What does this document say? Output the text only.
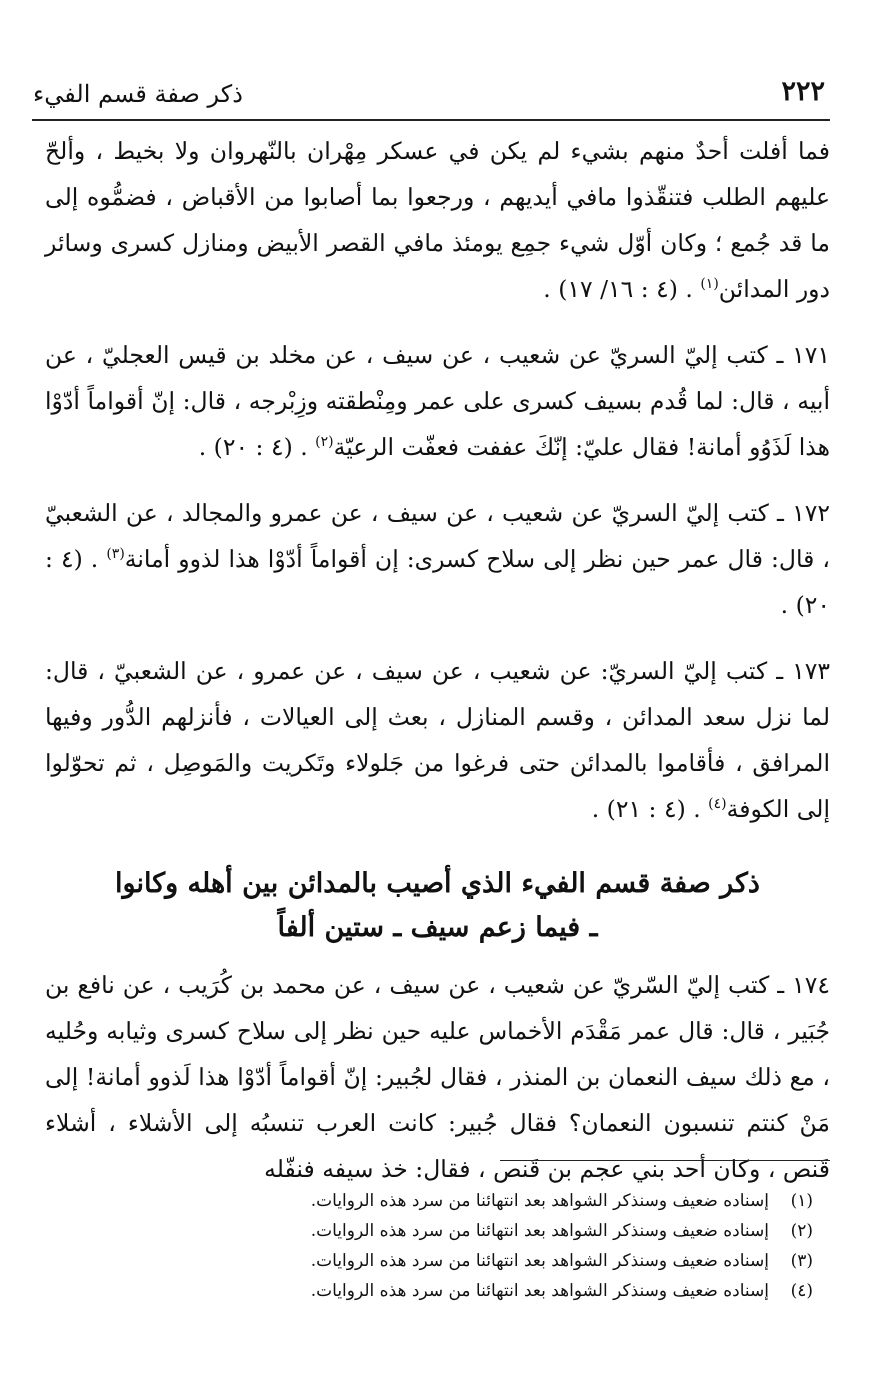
٢٢٢
ذكر صفة قسم الفيء

فما أفلت أحدٌ منهم بشيء لم يكن في عسكر مِهْران بالنّهروان ولا بخيط ، وألحّ عليهم الطلب فتنقّذوا مافي أيديهم ، ورجعوا بما أصابوا من الأقباض ، فضمُّوه إلى ما قد جُمع ؛ وكان أوّل شيء جمِع يومئذ مافي القصر الأبيض ومنازل كسرى وسائر دور المدائن$^{(١)}$ . (٤ : ١٦/ ١٧) .

١٧١ ـ كتب إليّ السريّ عن شعيب ، عن سيف ، عن مخلد بن قيس العجليّ ، عن أبيه ، قال: لما قُدم بسيف كسرى على عمر ومِنْطقته وزِبْرجه ، قال: إنّ أقواماً أدّوْا هذا لَذَوُو أمانة! فقال عليّ: إنّكَ عففت فعفّت الرعيّة$^{(٢)}$ . (٤ : ٢٠) .

١٧٢ ـ كتب إليّ السريّ عن شعيب ، عن سيف ، عن عمرو والمجالد ، عن الشعبيّ ، قال: قال عمر حين نظر إلى سلاح كسرى: إن أقواماً أدّوْا هذا لذوو أمانة$^{(٣)}$ . (٤ : ٢٠) .

١٧٣ ـ كتب إليّ السريّ: عن شعيب ، عن سيف ، عن عمرو ، عن الشعبيّ ، قال: لما نزل سعد المدائن ، وقسم المنازل ، بعث إلى العيالات ، فأنزلهم الدُّور وفيها المرافق ، فأقاموا بالمدائن حتى فرغوا من جَلولاء وتَكريت والمَوصِل ، ثم تحوّلوا إلى الكوفة$^{(٤)}$ . (٤ : ٢١) .

ذكر صفة قسم الفيء الذي أصيب بالمدائن بين أهله وكانوا
ـ فيما زعم سيف ـ ستين ألفاً

١٧٤ ـ كتب إليّ السّريّ عن شعيب ، عن سيف ، عن محمد بن كُرَيب ، عن نافع بن جُبَير ، قال: قال عمر مَقْدَم الأخماس عليه حين نظر إلى سلاح كسرى وثيابه وحُليه ، مع ذلك سيف النعمان بن المنذر ، فقال لجُبير: إنّ أقواماً أدّوْا هذا لَذوو أمانة! إلى مَنْ كنتم تنسبون النعمان؟ فقال جُبير: كانت العرب تنسبُه إلى الأشلاء ، أشلاء قَنص ، وكان أحد بني عجم بن قَنص ، فقال: خذ سيفه فنفّله

(١)
إسناده ضعيف وسنذكر الشواهد بعد انتهائنا من سرد هذه الروايات.
(٢)
إسناده ضعيف وسنذكر الشواهد بعد انتهائنا من سرد هذه الروايات.
(٣)
إسناده ضعيف وسنذكر الشواهد بعد انتهائنا من سرد هذه الروايات.
(٤)
إسناده ضعيف وسنذكر الشواهد بعد انتهائنا من سرد هذه الروايات.
